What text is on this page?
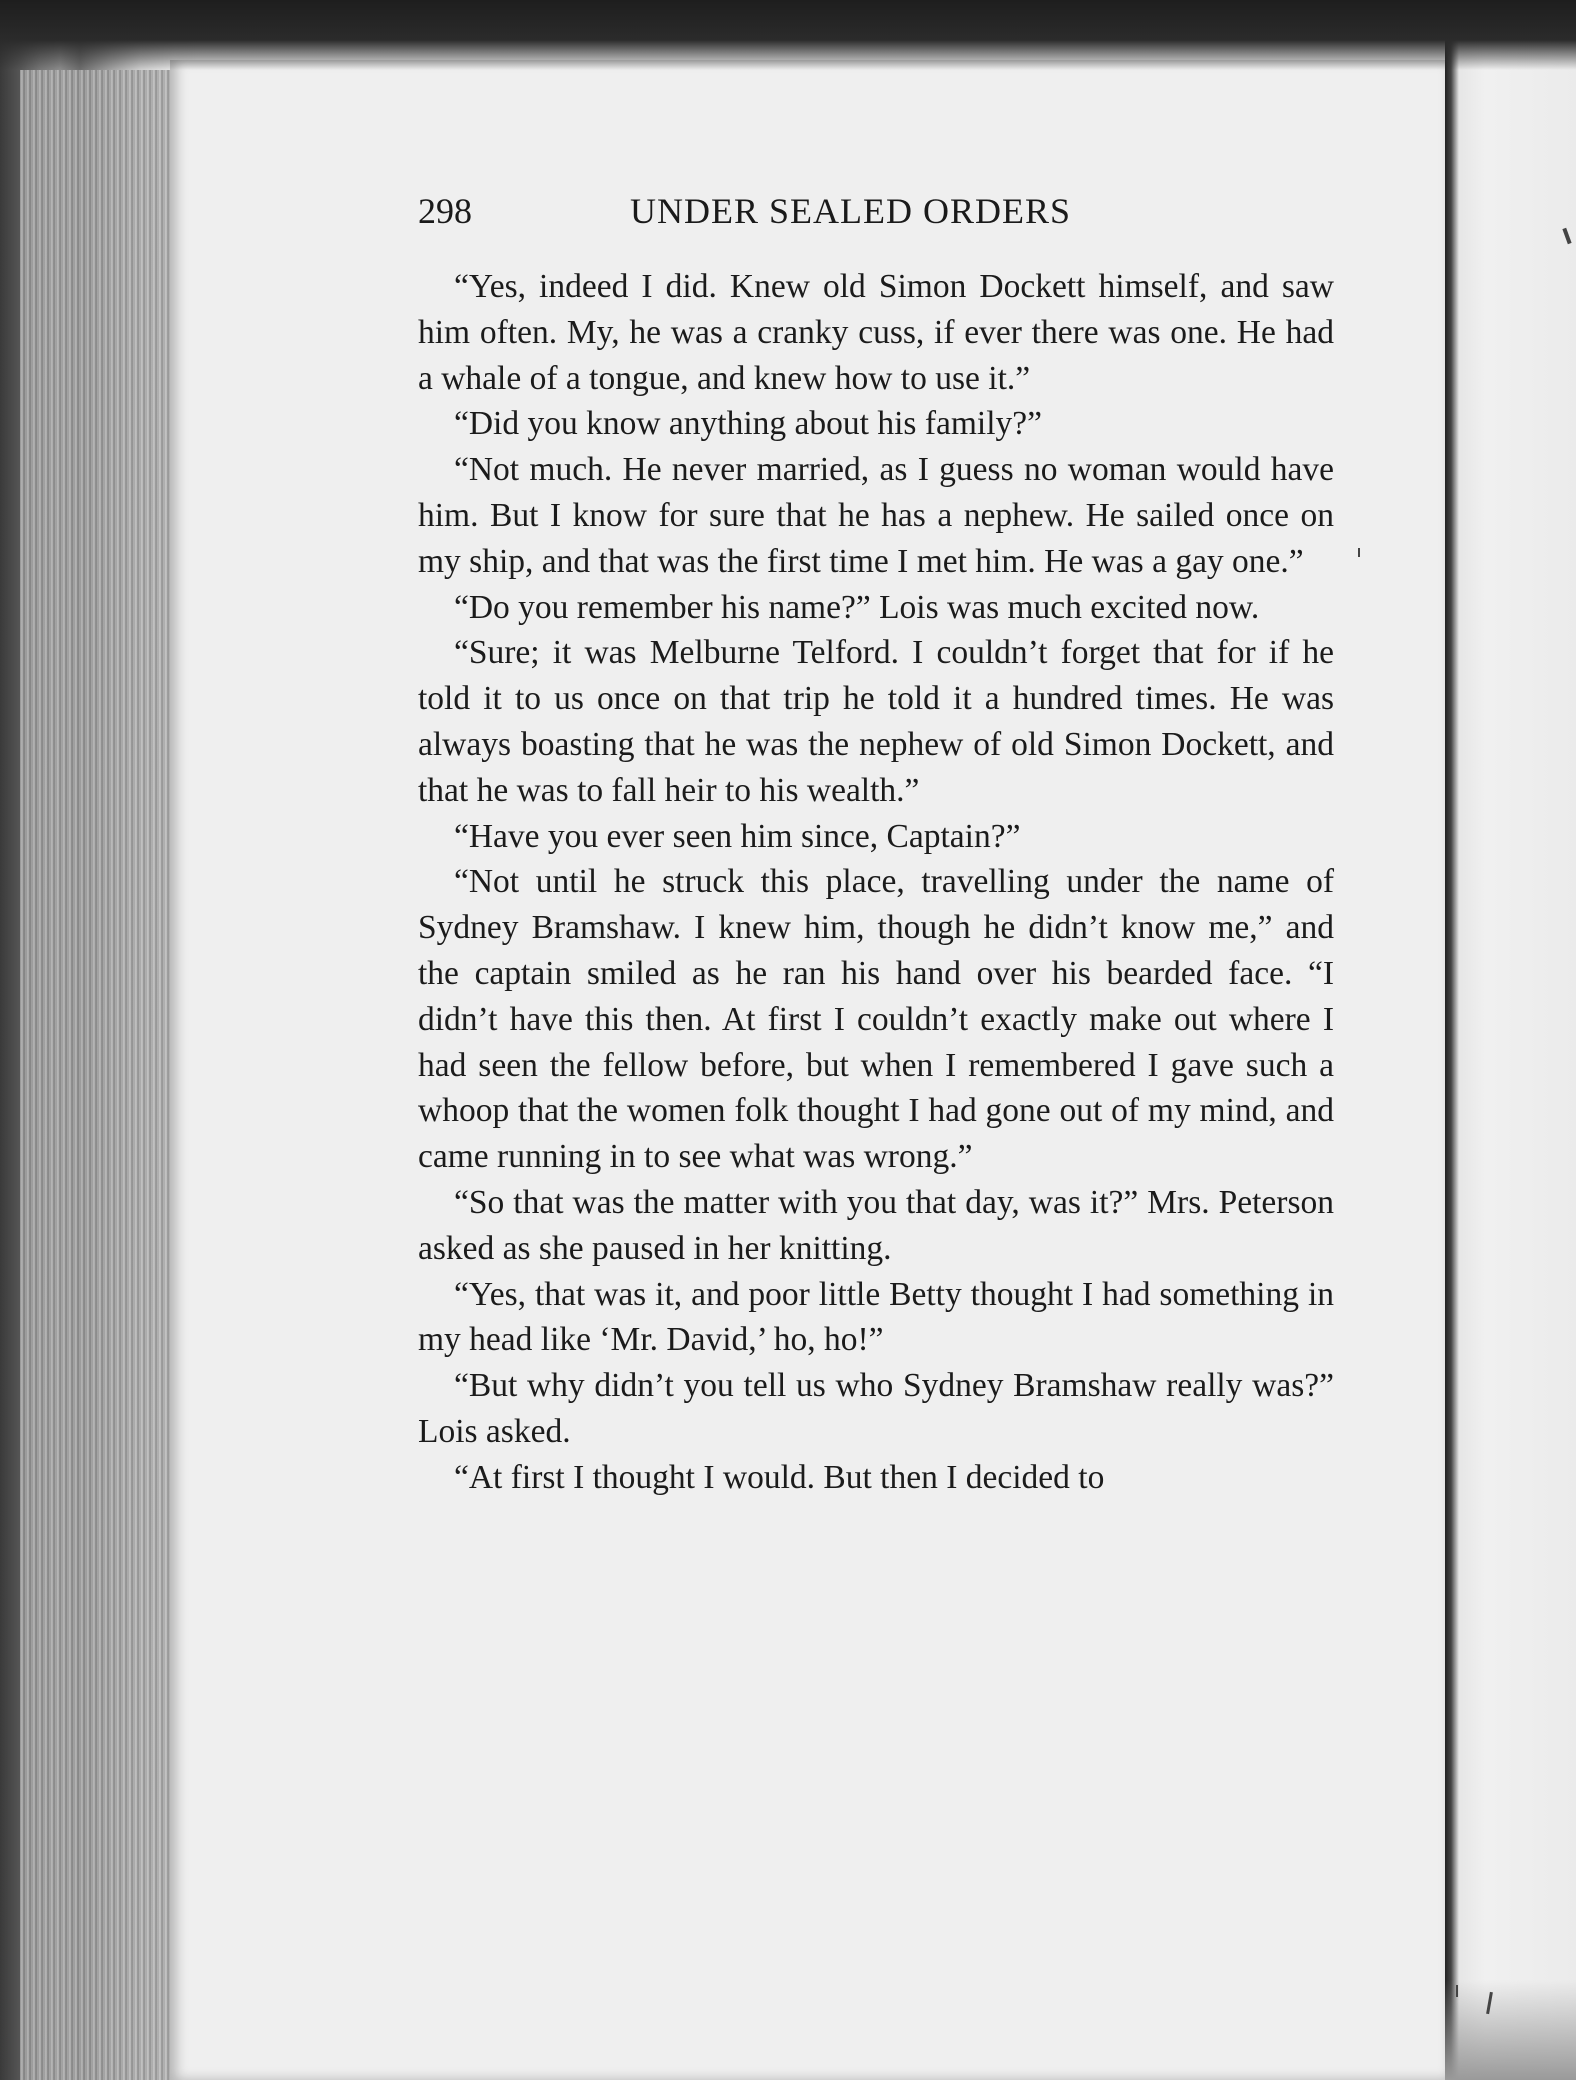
298	UNDER SEALED ORDERS

“Yes, indeed I did. Knew old Simon Dockett himself, and saw him often. My, he was a cranky cuss, if ever there was one. He had a whale of a tongue, and knew how to use it.”

“Did you know anything about his family?”

“Not much. He never married, as I guess no woman would have him. But I know for sure that he has a nephew. He sailed once on my ship, and that was the first time I met him. He was a gay one.”

“Do you remember his name?” Lois was much excited now.

“Sure; it was Melburne Telford. I couldn’t forget that for if he told it to us once on that trip he told it a hundred times. He was always boasting that he was the nephew of old Simon Dockett, and that he was to fall heir to his wealth.”

“Have you ever seen him since, Captain?”

“Not until he struck this place, travelling under the name of Sydney Bramshaw. I knew him, though he didn’t know me,” and the captain smiled as he ran his hand over his bearded face. “I didn’t have this then. At first I couldn’t exactly make out where I had seen the fellow before, but when I remembered I gave such a whoop that the women folk thought I had gone out of my mind, and came running in to see what was wrong.”

“So that was the matter with you that day, was it?” Mrs. Peterson asked as she paused in her knitting.

“Yes, that was it, and poor little Betty thought I had something in my head like ‘Mr. David,’ ho, ho!”

“But why didn’t you tell us who Sydney Bramshaw really was?” Lois asked.

“At first I thought I would. But then I decided to
